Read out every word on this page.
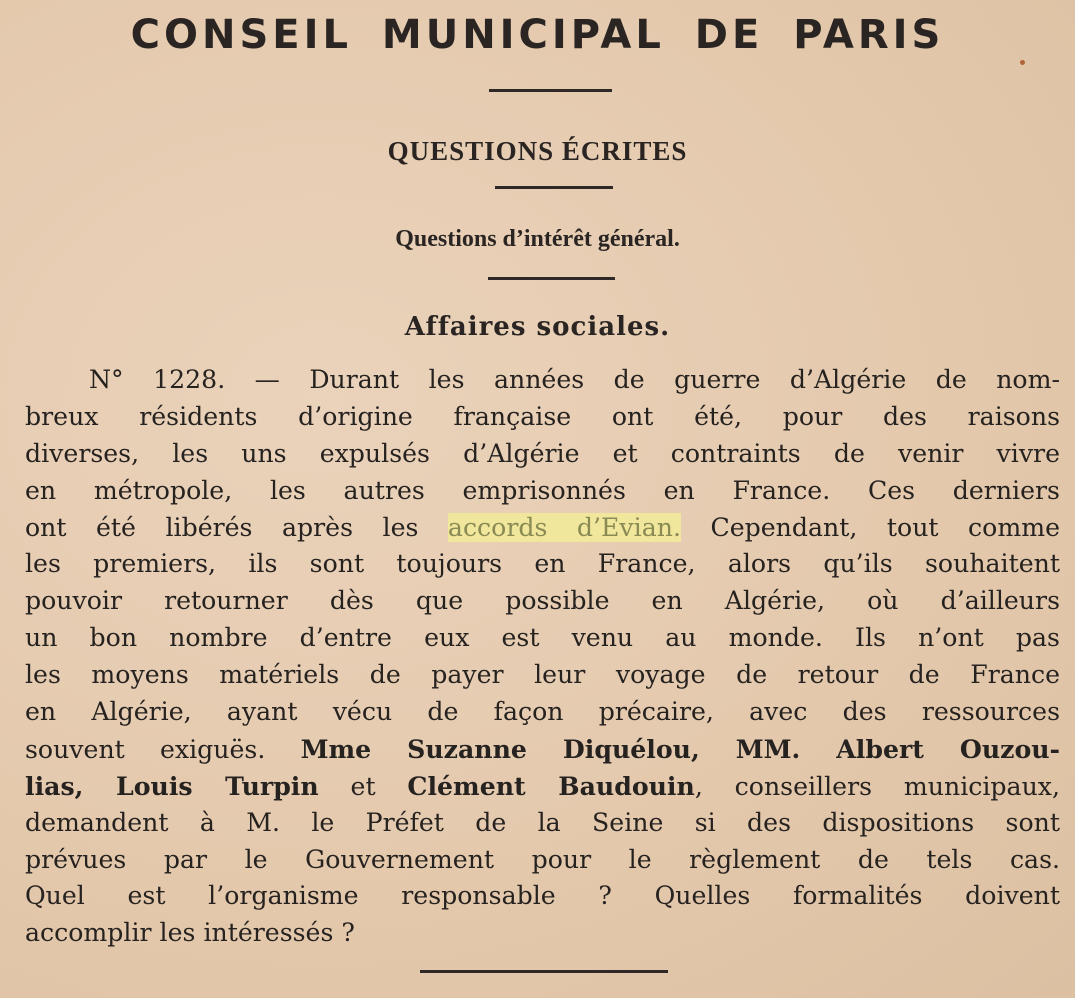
CONSEIL MUNICIPAL DE PARIS
QUESTIONS ÉCRITES
Questions d’intérêt général.
Affaires sociales.
N° 1228. — Durant les années de guerre d’Algérie de nom-
breux résidents d’origine française ont été, pour des raisons
diverses, les uns expulsés d’Algérie et contraints de venir vivre
en métropole, les autres emprisonnés en France. Ces derniers
ont été libérés après les accords d’Evian. Cependant, tout comme
les premiers, ils sont toujours en France, alors qu’ils souhaitent
pouvoir retourner dès que possible en Algérie, où d’ailleurs
un bon nombre d’entre eux est venu au monde. Ils n’ont pas
les moyens matériels de payer leur voyage de retour de France
en Algérie, ayant vécu de façon précaire, avec des ressources
souvent exiguës. Mme Suzanne Diquélou, MM. Albert Ouzou-
lias, Louis Turpin et Clément Baudouin, conseillers municipaux,
demandent à M. le Préfet de la Seine si des dispositions sont
prévues par le Gouvernement pour le règlement de tels cas.
Quel est l’organisme responsable ? Quelles formalités doivent
accomplir les intéressés ?
